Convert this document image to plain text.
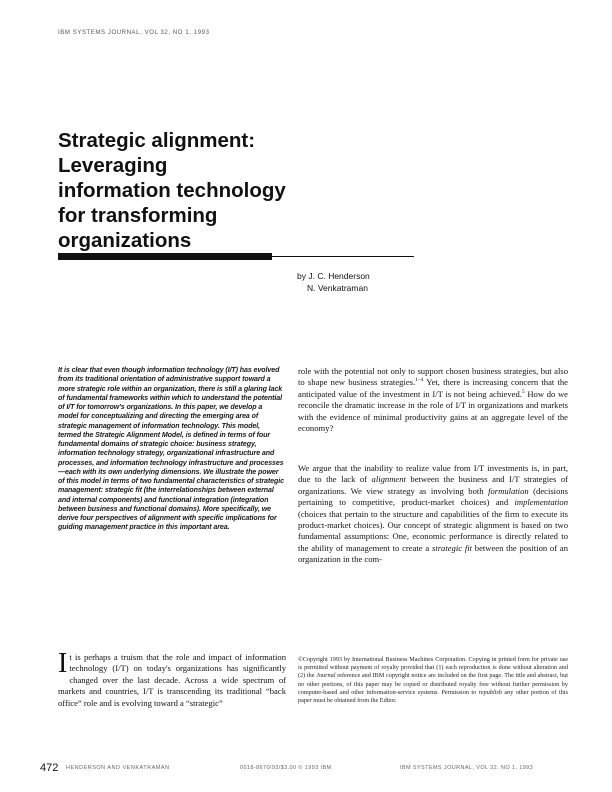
IBM SYSTEMS JOURNAL, VOL 32, NO 1, 1993
Strategic alignment:
Leveraging
information technology
for transforming
organizations
by J. C. Henderson
N. Venkatraman

It is clear that even though information technology (I/T) has evolved from its traditional orientation of administrative support toward a more strategic role within an organization, there is still a glaring lack of fundamental frameworks within which to understand the potential of I/T for tomorrow's organizations. In this paper, we develop a model for conceptualizing and directing the emerging area of strategic management of information technology. This model, termed the Strategic Alignment Model, is defined in terms of four fundamental domains of strategic choice: business strategy, information technology strategy, organizational infrastructure and processes, and information technology infrastructure and processes—each with its own underlying dimensions. We illustrate the power of this model in terms of two fundamental characteristics of strategic management: strategic fit (the interrelationships between external and internal components) and functional integration (integration between business and functional domains). More specifically, we derive four perspectives of alignment with specific implications for guiding management practice in this important area.

role with the potential not only to support chosen business strategies, but also to shape new business strategies.$^{1-4}$ Yet, there is increasing concern that the anticipated value of the investment in I/T is not being achieved.$^5$ How do we reconcile the dramatic increase in the role of I/T in organizations and markets with the evidence of minimal productivity gains at an aggregate level of the economy?

We argue that the inability to realize value from I/T investments is, in part, due to the lack of alignment between the business and I/T strategies of organizations. We view strategy as involving both formulation (decisions pertaining to competitive, product-market choices) and implementation (choices that pertain to the structure and capabilities of the firm to execute its product-market choices). Our concept of strategic alignment is based on two fundamental assumptions: One, economic performance is directly related to the ability of management to create a strategic fit between the position of an organization in the com-

©Copyright 1993 by International Business Machines Corporation. Copying in printed form for private use is permitted without payment of royalty provided that (1) each reproduction is done without alteration and (2) the Journal reference and IBM copyright notice are included on the first page. The title and abstract, but no other portions, of this paper may be copied or distributed royalty free without further permission by computer-based and other information-service systems. Permission to republish any other portion of this paper must be obtained from the Editor.

It is perhaps a truism that the role and impact of information technology (I/T) on today's organizations has significantly changed over the last decade. Across a wide spectrum of markets and countries, I/T is transcending its traditional “back office” role and is evolving toward a “strategic”

472 HENDERSON AND VENKATRAMAN	0018-8670/93/$3.00 © 1993 IBM	IBM SYSTEMS JOURNAL, VOL 32, NO 1, 1993
